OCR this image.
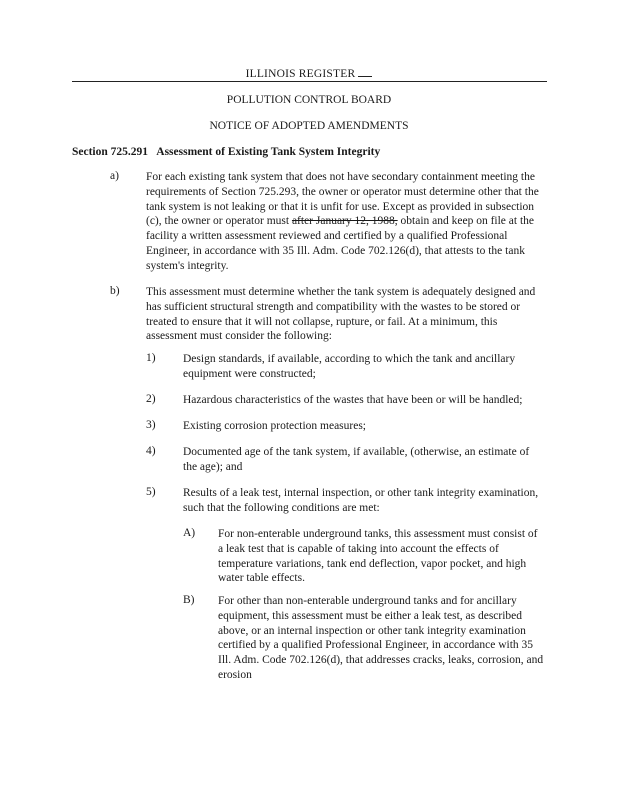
ILLINOIS REGISTER
POLLUTION CONTROL BOARD
NOTICE OF ADOPTED AMENDMENTS
Section 725.291 Assessment of Existing Tank System Integrity
a) For each existing tank system that does not have secondary containment meeting the requirements of Section 725.293, the owner or operator must determine other that the tank system is not leaking or that it is unfit for use. Except as provided in subsection (c), the owner or operator must after January 12, 1988, obtain and keep on file at the facility a written assessment reviewed and certified by a qualified Professional Engineer, in accordance with 35 Ill. Adm. Code 702.126(d), that attests to the tank system's integrity.
b) This assessment must determine whether the tank system is adequately designed and has sufficient structural strength and compatibility with the wastes to be stored or treated to ensure that it will not collapse, rupture, or fail. At a minimum, this assessment must consider the following:
1) Design standards, if available, according to which the tank and ancillary equipment were constructed;
2) Hazardous characteristics of the wastes that have been or will be handled;
3) Existing corrosion protection measures;
4) Documented age of the tank system, if available, (otherwise, an estimate of the age); and
5) Results of a leak test, internal inspection, or other tank integrity examination, such that the following conditions are met:
A) For non-enterable underground tanks, this assessment must consist of a leak test that is capable of taking into account the effects of temperature variations, tank end deflection, vapor pocket, and high water table effects.
B) For other than non-enterable underground tanks and for ancillary equipment, this assessment must be either a leak test, as described above, or an internal inspection or other tank integrity examination certified by a qualified Professional Engineer, in accordance with 35 Ill. Adm. Code 702.126(d), that addresses cracks, leaks, corrosion, and erosion
